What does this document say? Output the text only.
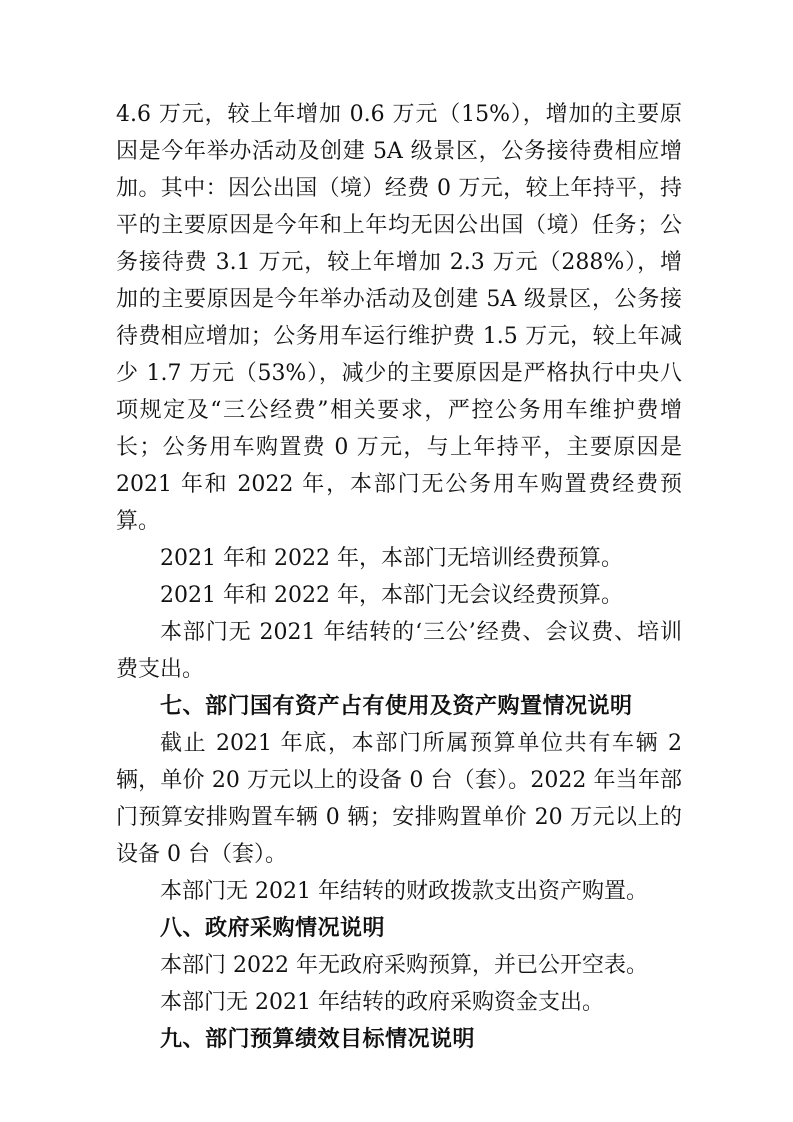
4.6 万元，较上年增加 0.6 万元（15%），增加的主要原因是今年举办活动及创建 5A 级景区，公务接待费相应增加。其中：因公出国（境）经费 0 万元，较上年持平，持平的主要原因是今年和上年均无因公出国（境）任务；公务接待费 3.1 万元，较上年增加 2.3 万元（288%），增加的主要原因是今年举办活动及创建 5A 级景区，公务接待费相应增加；公务用车运行维护费 1.5 万元，较上年减少 1.7 万元（53%），减少的主要原因是严格执行中央八项规定及“三公经费”相关要求，严控公务用车维护费增长；公务用车购置费 0 万元，与上年持平，主要原因是 2021 年和 2022 年，本部门无公务用车购置费经费预算。

2021 年和 2022 年，本部门无培训经费预算。

2021 年和 2022 年，本部门无会议经费预算。

本部门无 2021 年结转的‘三公’经费、会议费、培训费支出。

七、部门国有资产占有使用及资产购置情况说明

截止 2021 年底，本部门所属预算单位共有车辆 2 辆，单价 20 万元以上的设备 0 台（套）。2022 年当年部门预算安排购置车辆 0 辆；安排购置单价 20 万元以上的设备 0 台（套）。

本部门无 2021 年结转的财政拨款支出资产购置。

八、政府采购情况说明

本部门 2022 年无政府采购预算，并已公开空表。

本部门无 2021 年结转的政府采购资金支出。

九、部门预算绩效目标情况说明
